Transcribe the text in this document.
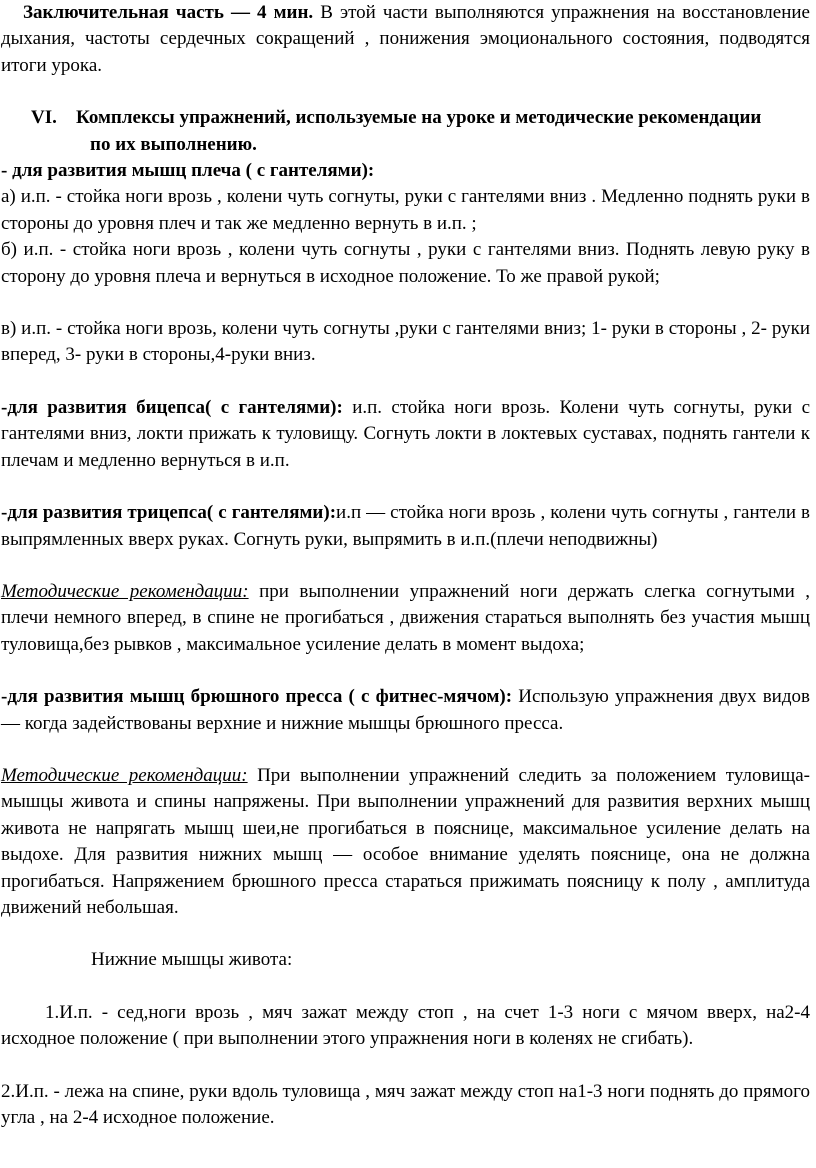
Заключительная часть — 4 мин. В этой части выполняются упражнения на восстановление дыхания, частоты сердечных сокращений , понижения эмоционального состояния, подводятся итоги урока.

VI. Комплексы упражнений, используемые на уроке и методические рекомендации
по их выполнению.

- для развития мышц плеча ( с гантелями):

а) и.п. - стойка ноги врозь , колени чуть согнуты, руки с гантелями вниз . Медленно поднять руки в стороны до уровня плеч и так же медленно вернуть в и.п. ;

б) и.п. - стойка ноги врозь , колени чуть согнуты , руки с гантелями вниз. Поднять левую руку в сторону до уровня плеча и вернуться в исходное положение. То же правой рукой;

в) и.п. - стойка ноги врозь, колени чуть согнуты ,руки с гантелями вниз; 1- руки в стороны , 2- руки вперед, 3- руки в стороны,4-руки вниз.

-для развития бицепса( с гантелями): и.п. стойка ноги врозь. Колени чуть согнуты, руки с гантелями вниз, локти прижать к туловищу. Согнуть локти в локтевых суставах, поднять гантели к плечам и медленно вернуться в и.п.

-для развития трицепса( с гантелями):и.п — стойка ноги врозь , колени чуть согнуты , гантели в выпрямленных вверх руках. Согнуть руки, выпрямить в и.п.(плечи неподвижны)

Методические рекомендации: при выполнении упражнений ноги держать слегка согнутыми , плечи немного вперед, в спине не прогибаться , движения стараться выполнять без участия мышц туловища,без рывков , максимальное усиление делать в момент выдоха;

-для развития мышц брюшного пресса ( с фитнес-мячом): Использую упражнения двух видов — когда задействованы верхние и нижние мышцы брюшного пресса.

Методические рекомендации: При выполнении упражнений следить за положением туловища- мышцы живота и спины напряжены. При выполнении упражнений для развития верхних мышц живота не напрягать мышц шеи,не прогибаться в пояснице, максимальное усиление делать на выдохе. Для развития нижних мышц — особое внимание уделять пояснице, она не должна прогибаться. Напряжением брюшного пресса стараться прижимать поясницу к полу , амплитуда движений небольшая.

Нижние мышцы живота:

1.И.п. - сед,ноги врозь , мяч зажат между стоп , на счет 1-3 ноги с мячом вверх, на2-4 исходное положение ( при выполнении этого упражнения ноги в коленях не сгибать).

2.И.п. - лежа на спине, руки вдоль туловища , мяч зажат между стоп на1-3 ноги поднять до прямого угла , на 2-4 исходное положение.
